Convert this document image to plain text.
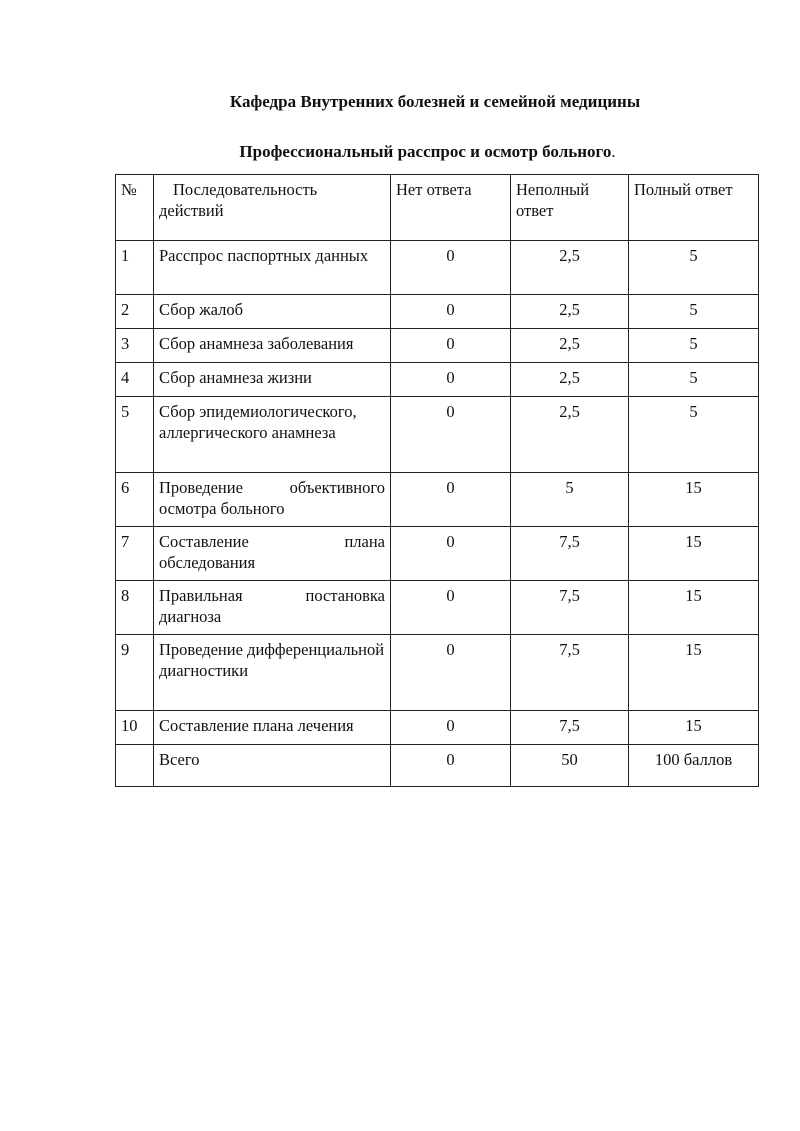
Кафедра Внутренних болезней и семейной медицины
Профессиональный расспрос и осмотр больного.
№	Последовательность действий	Нет ответа	Неполный ответ	Полный ответ
1	Расспрос паспортных данных	0	2,5	5
2	Сбор жалоб	0	2,5	5
3	Сбор анамнеза заболевания	0	2,5	5
4	Сбор анамнеза жизни	0	2,5	5
5	Сбор эпидемиологического, аллергического анамнеза	0	2,5	5
6	Проведение объективного осмотра больного	0	5	15
7	Составление плана обследования	0	7,5	15
8	Правильная постановка диагноза	0	7,5	15
9	Проведение дифференциальной диагностики	0	7,5	15
10	Составление плана лечения	0	7,5	15
	Всего	0	50	100 баллов
